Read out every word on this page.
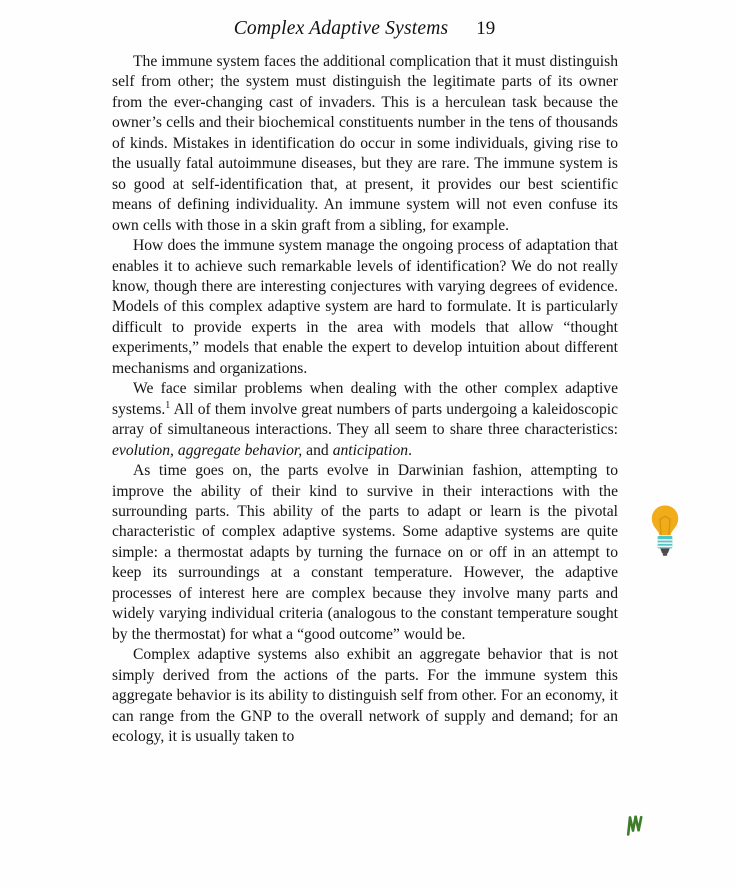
Complex Adaptive Systems 19

The immune system faces the additional complication that it must distinguish self from other; the system must distinguish the legitimate parts of its owner from the ever-changing cast of invaders. This is a herculean task because the owner’s cells and their biochemical constituents number in the tens of thousands of kinds. Mistakes in identification do occur in some individuals, giving rise to the usually fatal autoimmune diseases, but they are rare. The immune system is so good at self-identification that, at present, it provides our best scientific means of defining individuality. An immune system will not even confuse its own cells with those in a skin graft from a sibling, for example.

How does the immune system manage the ongoing process of adaptation that enables it to achieve such remarkable levels of identification? We do not really know, though there are interesting conjectures with varying degrees of evidence. Models of this complex adaptive system are hard to formulate. It is particularly difficult to provide experts in the area with models that allow “thought experiments,” models that enable the expert to develop intuition about different mechanisms and organizations.

We face similar problems when dealing with the other complex adaptive systems.$^1$ All of them involve great numbers of parts undergoing a kaleidoscopic array of simultaneous interactions. They all seem to share three characteristics: evolution, aggregate behavior, and anticipation.

As time goes on, the parts evolve in Darwinian fashion, attempting to improve the ability of their kind to survive in their interactions with the surrounding parts. This ability of the parts to adapt or learn is the pivotal characteristic of complex adaptive systems. Some adaptive systems are quite simple: a thermostat adapts by turning the furnace on or off in an attempt to keep its surroundings at a constant temperature. However, the adaptive processes of interest here are complex because they involve many parts and widely varying individual criteria (analogous to the constant temperature sought by the thermostat) for what a “good outcome” would be.

Complex adaptive systems also exhibit an aggregate behavior that is not simply derived from the actions of the parts. For the immune system this aggregate behavior is its ability to distinguish self from other. For an economy, it can range from the GNP to the overall network of supply and demand; for an ecology, it is usually taken to
